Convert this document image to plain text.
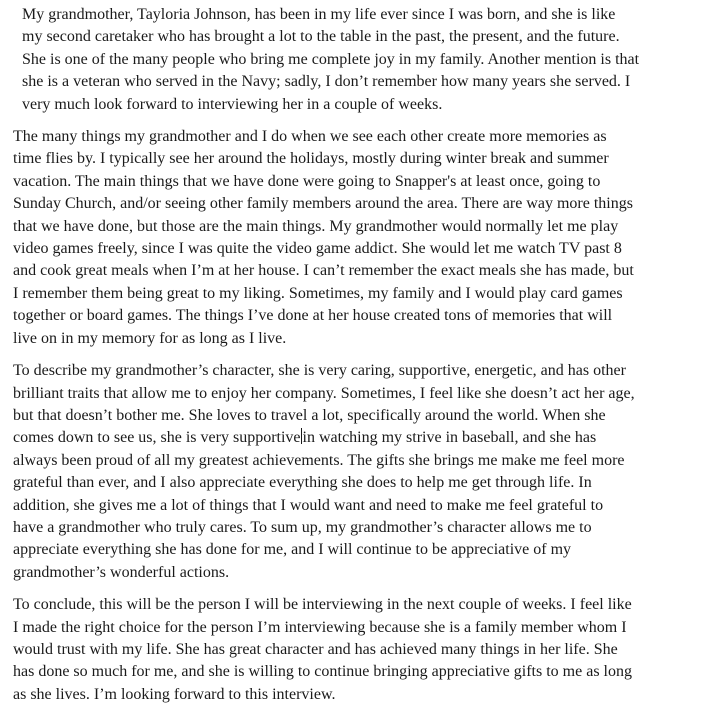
My grandmother, Tayloria Johnson, has been in my life ever since I was born, and she is like
my second caretaker who has brought a lot to the table in the past, the present, and the future.
She is one of the many people who bring me complete joy in my family. Another mention is that
she is a veteran who served in the Navy; sadly, I don’t remember how many years she served. I
very much look forward to interviewing her in a couple of weeks.

The many things my grandmother and I do when we see each other create more memories as
time flies by. I typically see her around the holidays, mostly during winter break and summer
vacation. The main things that we have done were going to Snapper's at least once, going to
Sunday Church, and/or seeing other family members around the area. There are way more things
that we have done, but those are the main things. My grandmother would normally let me play
video games freely, since I was quite the video game addict. She would let me watch TV past 8
and cook great meals when I’m at her house. I can’t remember the exact meals she has made, but
I remember them being great to my liking. Sometimes, my family and I would play card games
together or board games. The things I’ve done at her house created tons of memories that will
live on in my memory for as long as I live.

To describe my grandmother’s character, she is very caring, supportive, energetic, and has other
brilliant traits that allow me to enjoy her company. Sometimes, I feel like she doesn’t act her age,
but that doesn’t bother me. She loves to travel a lot, specifically around the world. When she
comes down to see us, she is very supportive in watching my strive in baseball, and she has
always been proud of all my greatest achievements. The gifts she brings me make me feel more
grateful than ever, and I also appreciate everything she does to help me get through life. In
addition, she gives me a lot of things that I would want and need to make me feel grateful to
have a grandmother who truly cares. To sum up, my grandmother’s character allows me to
appreciate everything she has done for me, and I will continue to be appreciative of my
grandmother’s wonderful actions.

To conclude, this will be the person I will be interviewing in the next couple of weeks. I feel like
I made the right choice for the person I’m interviewing because she is a family member whom I
would trust with my life. She has great character and has achieved many things in her life. She
has done so much for me, and she is willing to continue bringing appreciative gifts to me as long
as she lives. I’m looking forward to this interview.
